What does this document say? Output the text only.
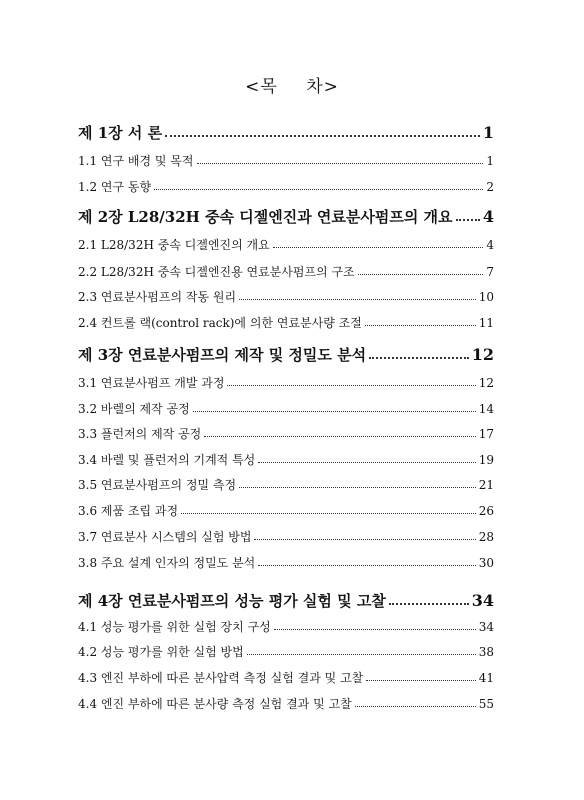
<목 차>
제 1장 서 론	1
1.1 연구 배경 및 목적	1
1.2 연구 동향	2
제 2장 L28/32H 중속 디젤엔진과 연료분사펌프의 개요 4
2.1 L28/32H 중속 디젤엔진의 개요	4
2.2 L28/32H 중속 디젤엔진용 연료분사펌프의 구조	7
2.3 연료분사펌프의 작동 원리	10
2.4 컨트롤 랙(control rack)에 의한 연료분사량 조절	11
제 3장 연료분사펌프의 제작 및 정밀도 분석	12
3.1 연료분사펌프 개발 과정	12
3.2 바렐의 제작 공정	14
3.3 플런저의 제작 공정	17
3.4 바렐 및 플런저의 기계적 특성	19
3.5 연료분사펌프의 정밀 측정	21
3.6 제품 조립 과정	26
3.7 연료분사 시스템의 실험 방법	28
3.8 주요 설계 인자의 정밀도 분석	30
제 4장 연료분사펌프의 성능 평가 실험 및 고찰	34
4.1 성능 평가를 위한 실험 장치 구성	34
4.2 성능 평가를 위한 실험 방법	38
4.3 엔진 부하에 따른 분사압력 측정 실험 결과 및 고찰	41
4.4 엔진 부하에 따른 분사량 측정 실험 결과 및 고찰	55
